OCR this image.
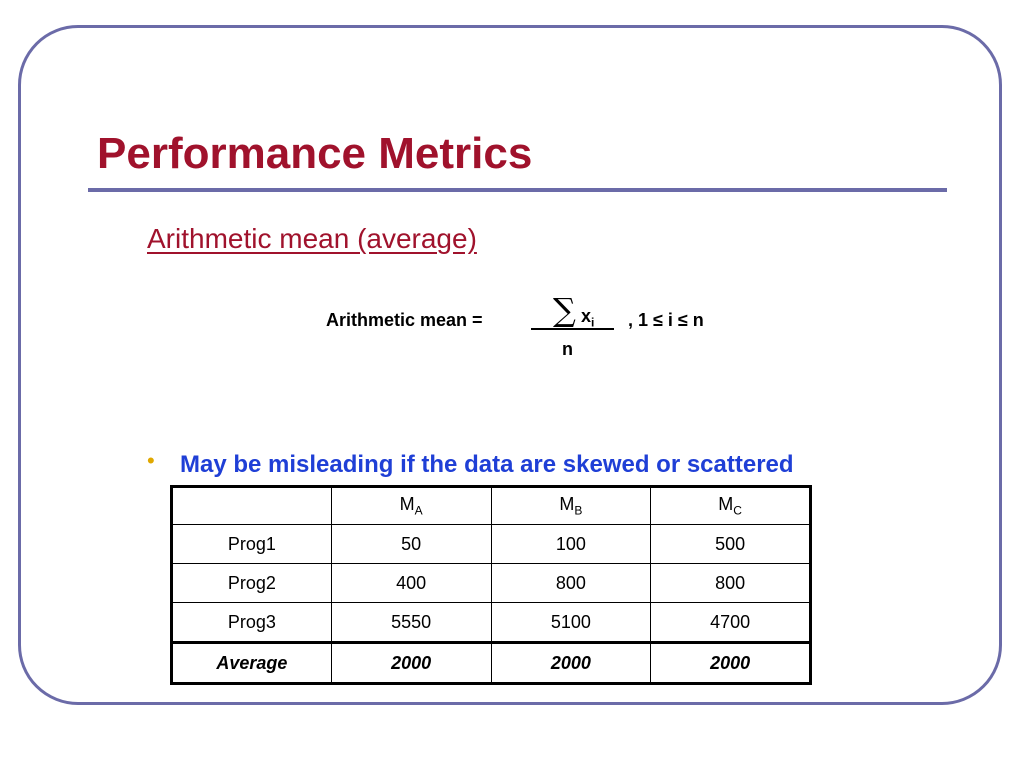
Performance Metrics
Arithmetic mean (average)
Arithmetic mean = ∑ $x_i$
n
, 1 ≤ i ≤ n
• May be misleading if the data are skewed or scattered
	$M_A$	$M_B$	$M_C$
Prog1	50	100	500
Prog2	400	800	800
Prog3	5550	5100	4700
Average	2000	2000	2000
